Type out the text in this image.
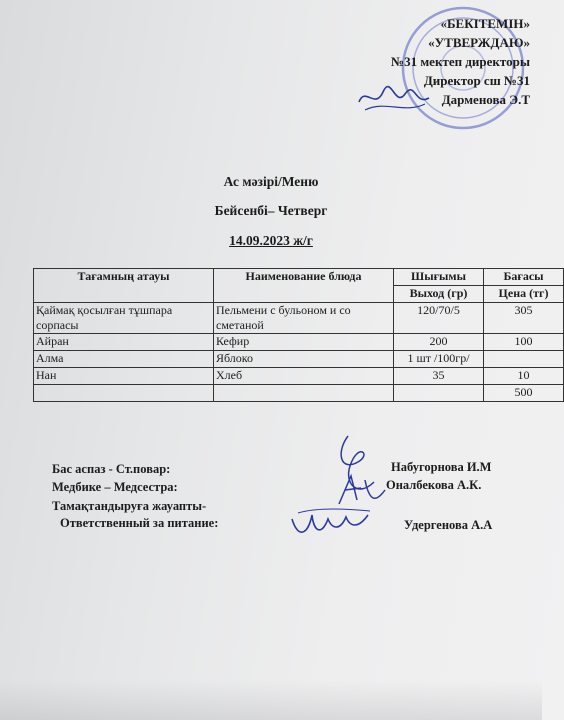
«БЕКІТЕМІН»
«УТВЕРЖДАЮ»
№31 мектеп директоры
Директор сш №31
Дарменова Э.Т
Ас мәзірі/Меню
Бейсенбі– Четверг
14.09.2023 ж/г
Тағамның атауы	Наименование блюда	Шығымы	Бағасы
		Выход (гр)	Цена (тг)
Қаймақ қосылған тұшпара сорпасы	Пельмени с бульоном и со сметаной	120/70/5	305
Айран	Кефир	200	100
Алма	Яблоко	1 шт /100гр/	
Нан	Хлеб	35	10
			500
Бас аспаз - Ст.повар:	Набугорнова И.М
Медбике – Медсестра:	Оналбекова А.К.
Тамақтандыруға жауапты-
Ответственный за питание:	Удергенова А.А
